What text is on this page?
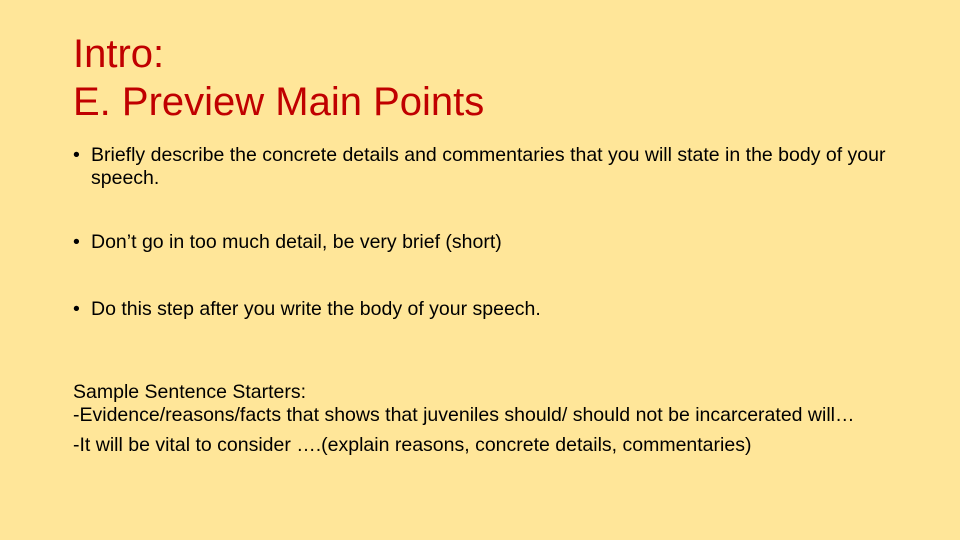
Intro:
E. Preview Main Points
• Briefly describe the concrete details and commentaries that you will state in the body of your speech.
• Don’t go in too much detail, be very brief (short)
• Do this step after you write the body of your speech.
Sample Sentence Starters:
-Evidence/reasons/facts that shows that juveniles should/ should not be incarcerated will…
-It will be vital to consider ….(explain reasons, concrete details, commentaries)
